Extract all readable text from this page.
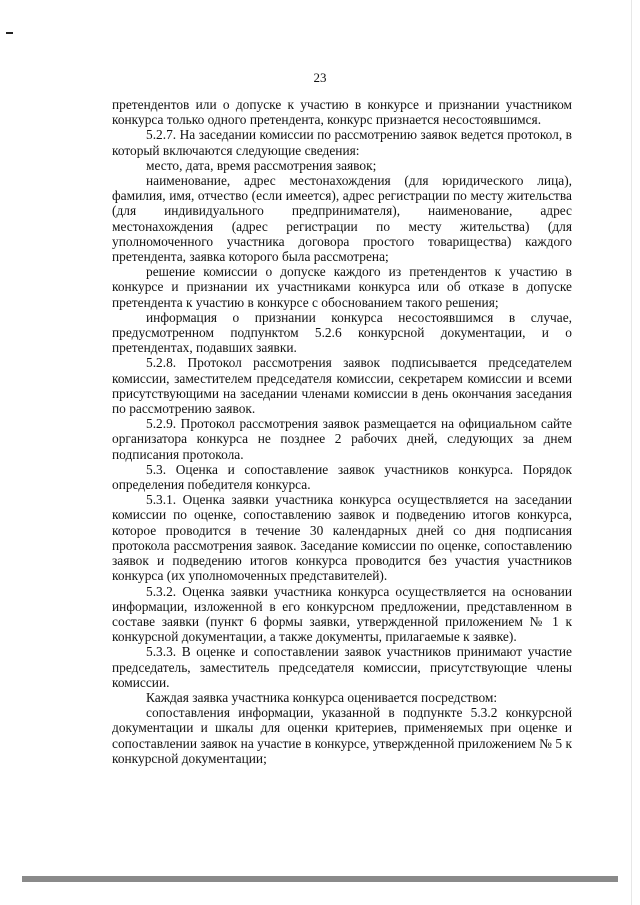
23

претендентов или о допуске к участию в конкурсе и признании участником конкурса только одного претендента, конкурс признается несостоявшимся.

5.2.7. На заседании комиссии по рассмотрению заявок ведется протокол, в который включаются следующие сведения:

место, дата, время рассмотрения заявок;

наименование, адрес местонахождения (для юридического лица), фамилия, имя, отчество (если имеется), адрес регистрации по месту жительства (для индивидуального предпринимателя), наименование, адрес местонахождения (адрес регистрации по месту жительства) (для уполномоченного участника договора простого товарищества) каждого претендента, заявка которого была рассмотрена;

решение комиссии о допуске каждого из претендентов к участию в конкурсе и признании их участниками конкурса или об отказе в допуске претендента к участию в конкурсе с обоснованием такого решения;

информация о признании конкурса несостоявшимся в случае, предусмотренном подпунктом 5.2.6 конкурсной документации, и о претендентах, подавших заявки.

5.2.8. Протокол рассмотрения заявок подписывается председателем комиссии, заместителем председателя комиссии, секретарем комиссии и всеми присутствующими на заседании членами комиссии в день окончания заседания по рассмотрению заявок.

5.2.9. Протокол рассмотрения заявок размещается на официальном сайте организатора конкурса не позднее 2 рабочих дней, следующих за днем подписания протокола.

5.3. Оценка и сопоставление заявок участников конкурса. Порядок определения победителя конкурса.

5.3.1. Оценка заявки участника конкурса осуществляется на заседании комиссии по оценке, сопоставлению заявок и подведению итогов конкурса, которое проводится в течение 30 календарных дней со дня подписания протокола рассмотрения заявок. Заседание комиссии по оценке, сопоставлению заявок и подведению итогов конкурса проводится без участия участников конкурса (их уполномоченных представителей).

5.3.2. Оценка заявки участника конкурса осуществляется на основании информации, изложенной в его конкурсном предложении, представленном в составе заявки (пункт 6 формы заявки, утвержденной приложением № 1 к конкурсной документации, а также документы, прилагаемые к заявке).

5.3.3. В оценке и сопоставлении заявок участников принимают участие председатель, заместитель председателя комиссии, присутствующие члены комиссии.

Каждая заявка участника конкурса оценивается посредством:

сопоставления информации, указанной в подпункте 5.3.2 конкурсной документации и шкалы для оценки критериев, применяемых при оценке и сопоставлении заявок на участие в конкурсе, утвержденной приложением № 5 к конкурсной документации;
